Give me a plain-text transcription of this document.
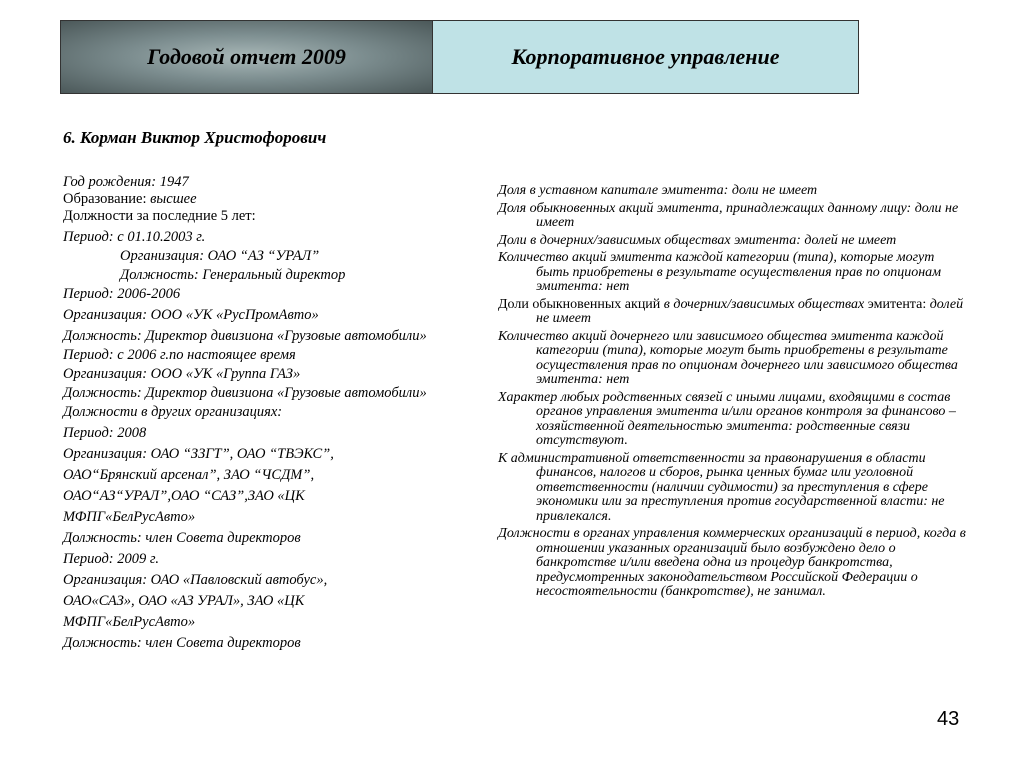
Годовой отчет 2009	Корпоративное управление
6. Корман Виктор Христофорович
Год рождения: 1947
Образование: высшее
Должности за последние 5 лет:
Период: с 01.10.2003 г.
Организация: ОАО “АЗ “УРАЛ”
Должность: Генеральный директор
Период: 2006-2006
Организация: ООО «УК «РусПромАвто»
Должность: Директор дивизиона «Грузовые автомобили»
Период: с 2006 г.по настоящее время
Организация: ООО «УК «Группа ГАЗ»
Должность: Директор дивизиона «Грузовые автомобили»
Должности в других организациях:
Период: 2008
Организация: ОАО “ЗЗГТ”, ОАО “ТВЭКС”,
ОАО“Брянский арсенал”, ЗАО “ЧСДМ”,
ОАО“АЗ“УРАЛ”,ОАО “САЗ”,ЗАО «ЦК
МФПГ«БелРусАвто»
Должность: член Совета директоров
Период: 2009 г.
Организация: ОАО «Павловский автобус»,
ОАО«САЗ», ОАО «АЗ УРАЛ», ЗАО «ЦК
МФПГ«БелРусАвто»
Должность: член Совета директоров

Доля в уставном капитале эмитента: доли не имеет

Доля обыкновенных акций эмитента, принадлежащих данному лицу: доли не имеет

Доли в дочерних/зависимых обществах эмитента: долей не имеет

Количество акций эмитента каждой категории (типа), которые могут быть приобретены в результате осуществления прав по опционам эмитента: нет

Доли обыкновенных акций в дочерних/зависимых обществах эмитента: долей не имеет

Количество акций дочернего или зависимого общества эмитента каждой категории (типа), которые могут быть приобретены в результате осуществления прав по опционам дочернего или зависимого общества эмитента: нет

Характер любых родственных связей с иными лицами, входящими в состав органов управления эмитента и/или органов контроля за финансово – хозяйственной деятельностью эмитента: родственные связи отсутствуют.

К административной ответственности за правонарушения в области финансов, налогов и сборов, рынка ценных бумаг или уголовной ответственности (наличии судимости) за преступления в сфере экономики или за преступления против государственной власти: не привлекался.

Должности в органах управления коммерческих организаций в период, когда в отношении указанных организаций было возбуждено дело о банкротстве и/или введена одна из процедур банкротства, предусмотренных законодательством Российской Федерации о несостоятельности (банкротстве), не занимал.

43
